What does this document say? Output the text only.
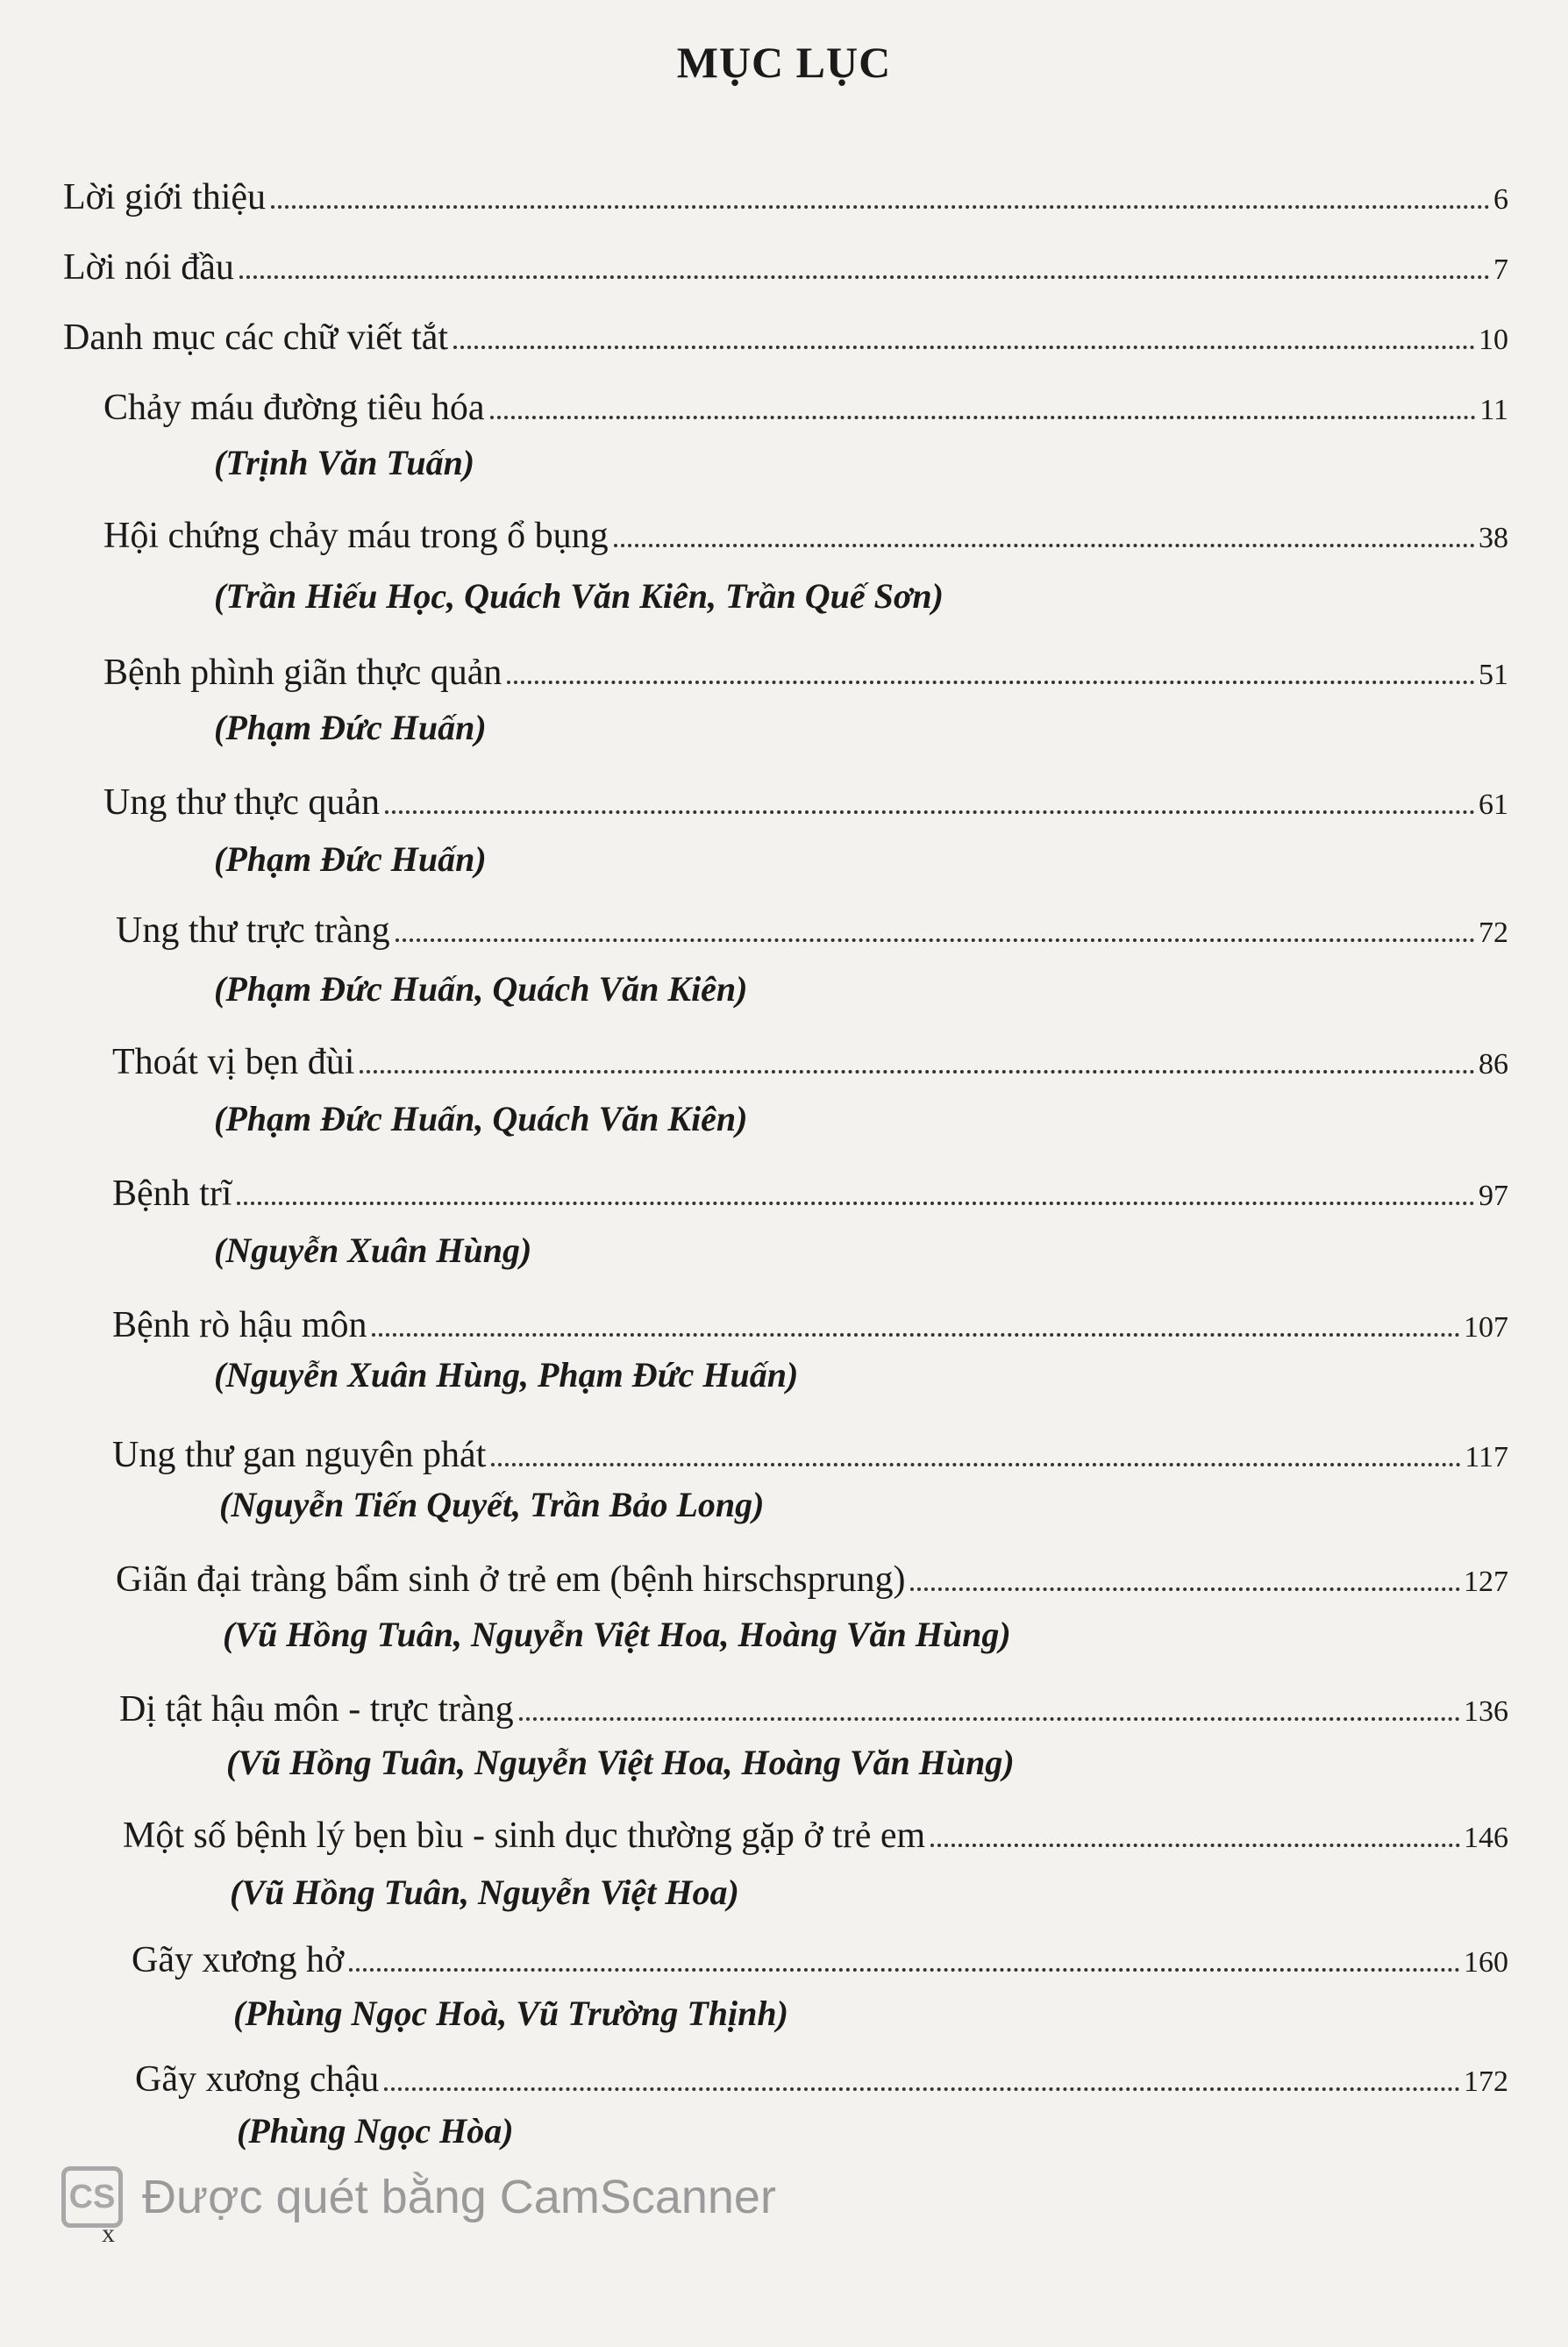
MỤC LỤC
Lời giới thiệu	6
Lời nói đầu	7
Danh mục các chữ viết tắt	10
Chảy máu đường tiêu hóa	11
(Trịnh Văn Tuấn)
Hội chứng chảy máu trong ổ bụng	38
(Trần Hiếu Học, Quách Văn Kiên, Trần Quế Sơn)
Bệnh phình giãn thực quản	51
(Phạm Đức Huấn)
Ung thư thực quản	61
(Phạm Đức Huấn)
Ung thư trực tràng	72
(Phạm Đức Huấn, Quách Văn Kiên)
Thoát vị bẹn đùi	86
(Phạm Đức Huấn, Quách Văn Kiên)
Bệnh trĩ	97
(Nguyễn Xuân Hùng)
Bệnh rò hậu môn	107
(Nguyễn Xuân Hùng, Phạm Đức Huấn)
Ung thư gan nguyên phát	117
(Nguyễn Tiến Quyết, Trần Bảo Long)
Giãn đại tràng bẩm sinh ở trẻ em (bệnh hirschsprung)	127
(Vũ Hồng Tuân, Nguyễn Việt Hoa, Hoàng Văn Hùng)
Dị tật hậu môn - trực tràng	136
(Vũ Hồng Tuân, Nguyễn Việt Hoa, Hoàng Văn Hùng)
Một số bệnh lý bẹn bìu - sinh dục thường gặp ở trẻ em	146
(Vũ Hồng Tuân, Nguyễn Việt Hoa)
Gãy xương hở	160
(Phùng Ngọc Hoà, Vũ Trường Thịnh)
Gãy xương chậu	172
(Phùng Ngọc Hòa)
CS Được quét bằng CamScanner
x
